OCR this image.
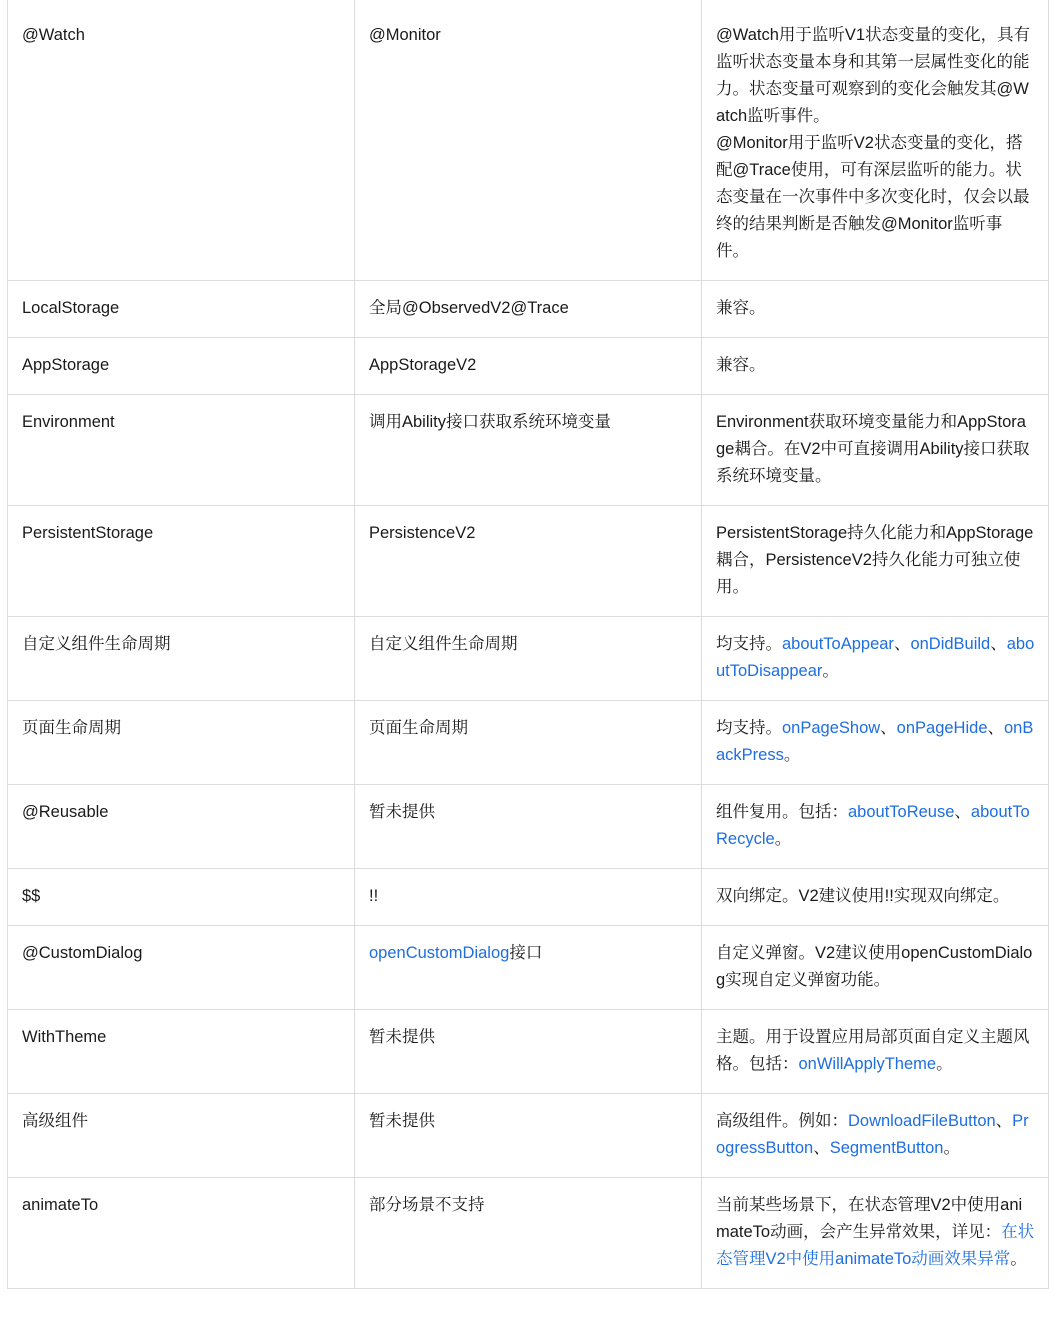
@Watch	@Monitor	@Watch用于监听V1状态变量的变化，具有监听状态变量本身和其第一层属性变化的能力。状态变量可观察到的变化会触发其@Watch监听事件。
@Monitor用于监听V2状态变量的变化，搭配@Trace使用，可有深层监听的能力。状态变量在一次事件中多次变化时，仅会以最终的结果判断是否触发@Monitor监听事件。
LocalStorage	全局@ObservedV2@Trace	兼容。
AppStorage	AppStorageV2	兼容。
Environment	调用Ability接口获取系统环境变量	Environment获取环境变量能力和AppStorage耦合。在V2中可直接调用Ability接口获取系统环境变量。
PersistentStorage	PersistenceV2	PersistentStorage持久化能力和AppStorage耦合，PersistenceV2持久化能力可独立使用。
自定义组件生命周期	自定义组件生命周期	均支持。aboutToAppear、onDidBuild、aboutToDisappear。
页面生命周期	页面生命周期	均支持。onPageShow、onPageHide、onBackPress。
@Reusable	暂未提供	组件复用。包括：aboutToReuse、aboutToRecycle。
$$	!!	双向绑定。V2建议使用!!实现双向绑定。
@CustomDialog	openCustomDialog接口	自定义弹窗。V2建议使用openCustomDialog实现自定义弹窗功能。
WithTheme	暂未提供	主题。用于设置应用局部页面自定义主题风格。包括：onWillApplyTheme。
高级组件	暂未提供	高级组件。例如：DownloadFileButton、ProgressButton、SegmentButton。
animateTo	部分场景不支持	当前某些场景下，在状态管理V2中使用animateTo动画，会产生异常效果，详见：在状态管理V2中使用animateTo动画效果异常。
